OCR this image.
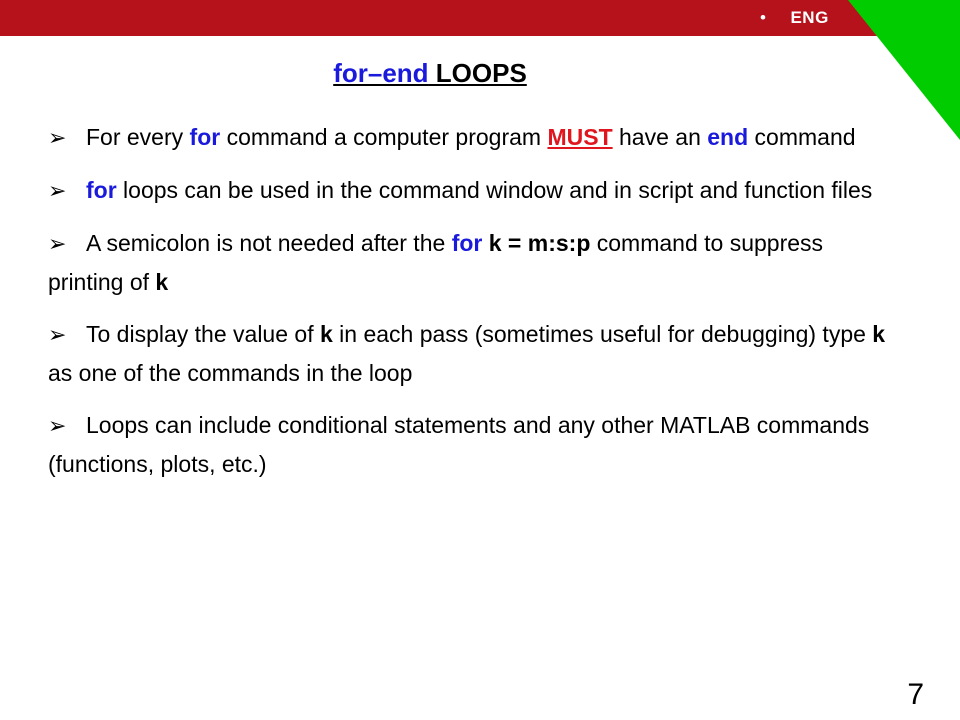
• ENG
for–end LOOPS
➢ For every for command a computer program MUST have an end command
➢ for loops can be used in the command window and in script and function files
➢ A semicolon is not needed after the for k = m:s:p command to suppress printing of k
➢ To display the value of k in each pass (sometimes useful for debugging) type k as one of the commands in the loop
➢ Loops can include conditional statements and any other MATLAB commands (functions, plots, etc.)
7
